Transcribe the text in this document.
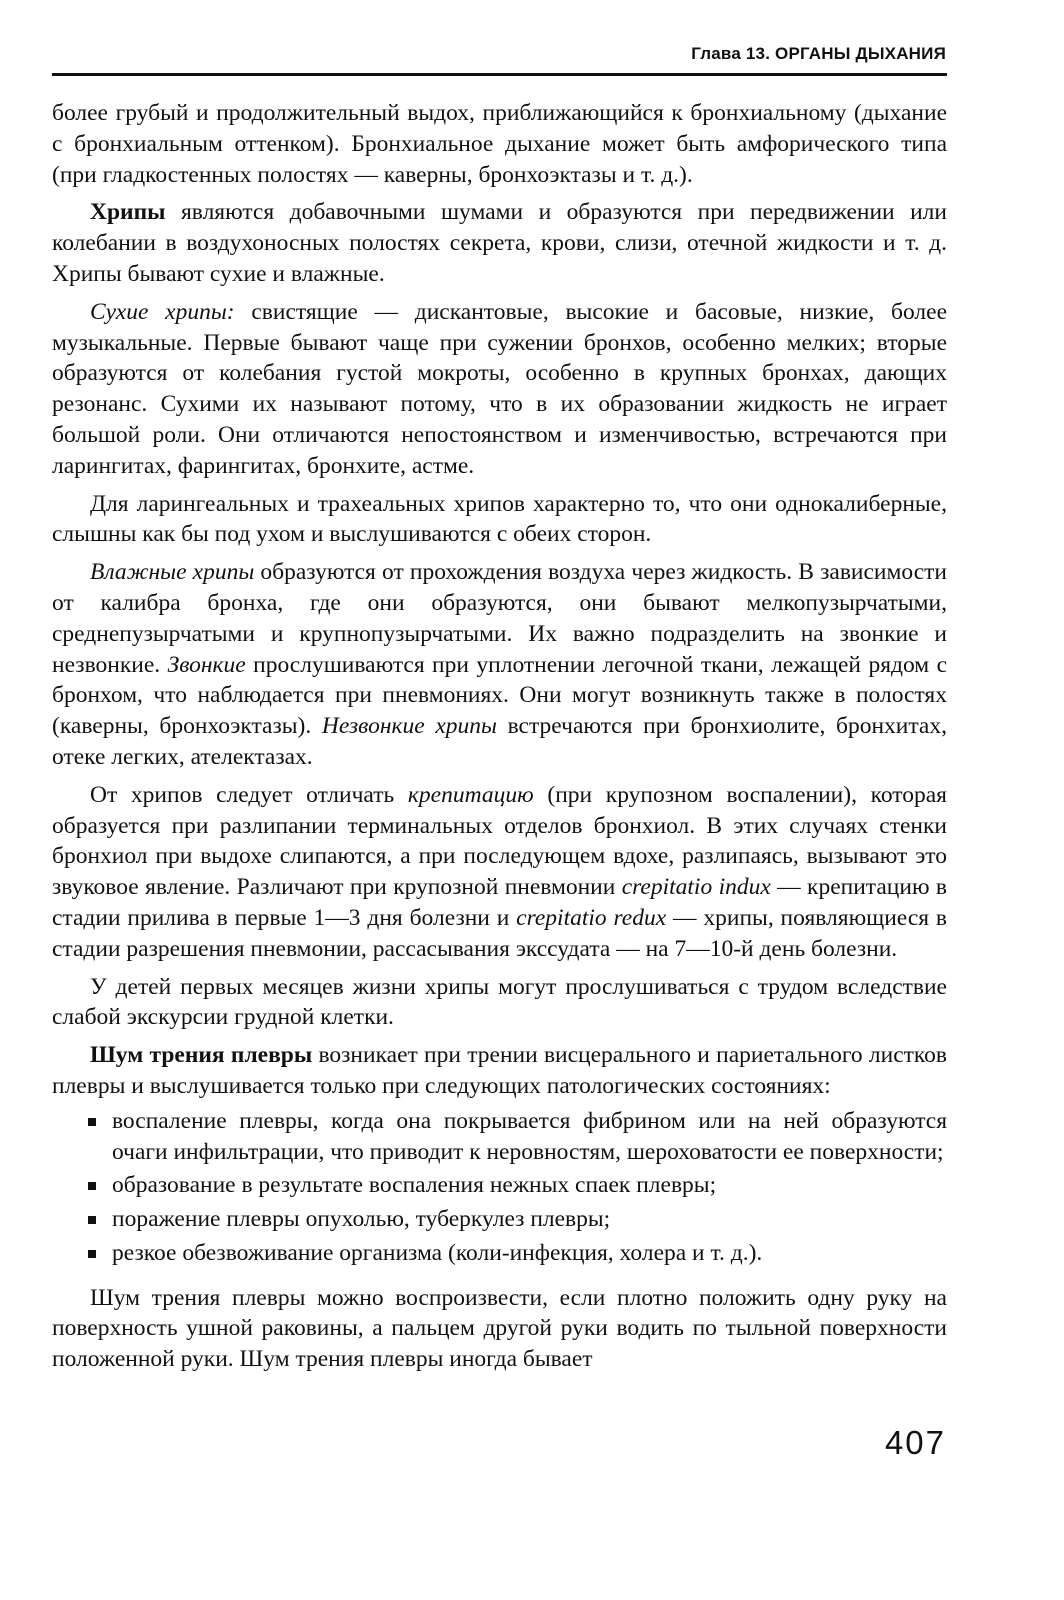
Глава 13. ОРГАНЫ ДЫХАНИЯ

более грубый и продолжительный выдох, приближающийся к бронхиальному (дыхание с бронхиальным оттенком). Бронхиальное дыхание может быть амфорического типа (при гладкостенных полостях — каверны, бронхоэктазы и т. д.).

Хрипы являются добавочными шумами и образуются при передвижении или колебании в воздухоносных полостях секрета, крови, слизи, отечной жидкости и т. д. Хрипы бывают сухие и влажные.

Сухие хрипы: свистящие — дискантовые, высокие и басовые, низкие, более музыкальные. Первые бывают чаще при сужении бронхов, особенно мелких; вторые образуются от колебания густой мокроты, особенно в крупных бронхах, дающих резонанс. Сухими их называют потому, что в их образовании жидкость не играет большой роли. Они отличаются непостоянством и изменчивостью, встречаются при ларингитах, фарингитах, бронхите, астме.

Для ларингеальных и трахеальных хрипов характерно то, что они однокалиберные, слышны как бы под ухом и выслушиваются с обеих сторон.

Влажные хрипы образуются от прохождения воздуха через жидкость. В зависимости от калибра бронха, где они образуются, они бывают мелкопузырчатыми, среднепузырчатыми и крупнопузырчатыми. Их важно подразделить на звонкие и незвонкие. Звонкие прослушиваются при уплотнении легочной ткани, лежащей рядом с бронхом, что наблюдается при пневмониях. Они могут возникнуть также в полостях (каверны, бронхоэктазы). Незвонкие хрипы встречаются при бронхиолите, бронхитах, отеке легких, ателектазах.

От хрипов следует отличать крепитацию (при крупозном воспалении), которая образуется при разлипании терминальных отделов бронхиол. В этих случаях стенки бронхиол при выдохе слипаются, а при последующем вдохе, разлипаясь, вызывают это звуковое явление. Различают при крупозной пневмонии crepitatio indux — крепитацию в стадии прилива в первые 1—3 дня болезни и crepitatio redux — хрипы, появляющиеся в стадии разрешения пневмонии, рассасывания экссудата — на 7—10-й день болезни.

У детей первых месяцев жизни хрипы могут прослушиваться с трудом вследствие слабой экскурсии грудной клетки.

Шум трения плевры возникает при трении висцерального и париетального листков плевры и выслушивается только при следующих патологических состояниях:

воспаление плевры, когда она покрывается фибрином или на ней образуются очаги инфильтрации, что приводит к неровностям, шероховатости ее поверхности;
образование в результате воспаления нежных спаек плевры;
поражение плевры опухолью, туберкулез плевры;
резкое обезвоживание организма (коли-инфекция, холера и т. д.).

Шум трения плевры можно воспроизвести, если плотно положить одну руку на поверхность ушной раковины, а пальцем другой руки водить по тыльной поверхности положенной руки. Шум трения плевры иногда бывает

407
